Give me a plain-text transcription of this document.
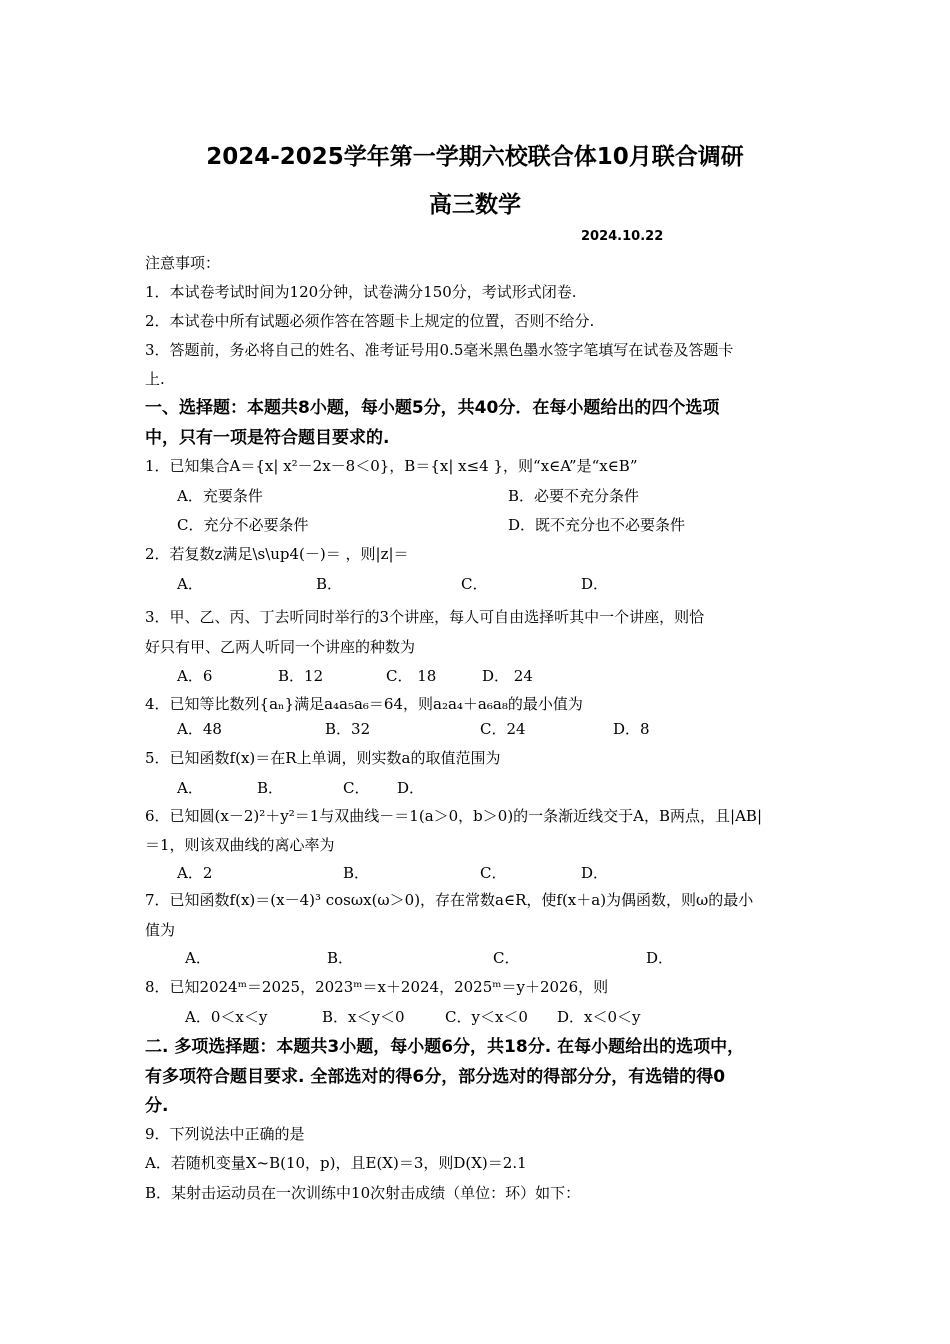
2024-2025学年第一学期六校联合体10月联合调研
高三数学
2024.10.22
注意事项：
1．本试卷考试时间为120分钟，试卷满分150分，考试形式闭卷.
2．本试卷中所有试题必须作答在答题卡上规定的位置，否则不给分.
3．答题前，务必将自己的姓名、准考证号用0.5毫米黑色墨水签字笔填写在试卷及答题卡
上.
一、选择题：本题共8小题，每小题5分，共40分．在每小题给出的四个选项
中，只有一项是符合题目要求的.
1．已知集合A＝{x| x²－2x－8＜0}，B＝{x| x≤4 }，则“x∈A”是“x∈B”
A．充要条件	B．必要不充分条件
C．充分不必要条件	D．既不充分也不必要条件
2．若复数z满足\s\up4(－)＝ ，则|z|＝
A．	B．	C．	D．
3．甲、乙、丙、丁去听同时举行的3个讲座，每人可自由选择听其中一个讲座，则恰
好只有甲、乙两人听同一个讲座的种数为
A．6	B．12	C． 18	D． 24
4．已知等比数列{aₙ}满足a₄a₅a₆＝64，则a₂a₄＋a₆a₈的最小值为
A．48	B．32	C．24	D．8
5．已知函数f(x)＝在R上单调，则实数a的取值范围为
A．	B．	C． D．
6．已知圆(x－2)²＋y²＝1与双曲线－＝1(a＞0，b＞0)的一条渐近线交于A，B两点，且|AB|
＝1，则该双曲线的离心率为
A．2	B．	C．	D．
7．已知函数f(x)＝(x－4)³ cosωx(ω＞0)，存在常数a∈R，使f(x＋a)为偶函数，则ω的最小
值为
A．	B．	C．	D．
8．已知2024ᵐ＝2025，2023ᵐ＝x＋2024，2025ᵐ＝y＋2026，则
A．0＜x＜y	B．x＜y＜0	C．y＜x＜0 D．x＜0＜y
二. 多项选择题：本题共3小题，每小题6分，共18分. 在每小题给出的选项中，
有多项符合题目要求. 全部选对的得6分，部分选对的得部分分，有选错的得0
分.
9．下列说法中正确的是
A．若随机变量X~B(10，p)，且E(X)＝3，则D(X)＝2.1
B．某射击运动员在一次训练中10次射击成绩（单位：环）如下：
